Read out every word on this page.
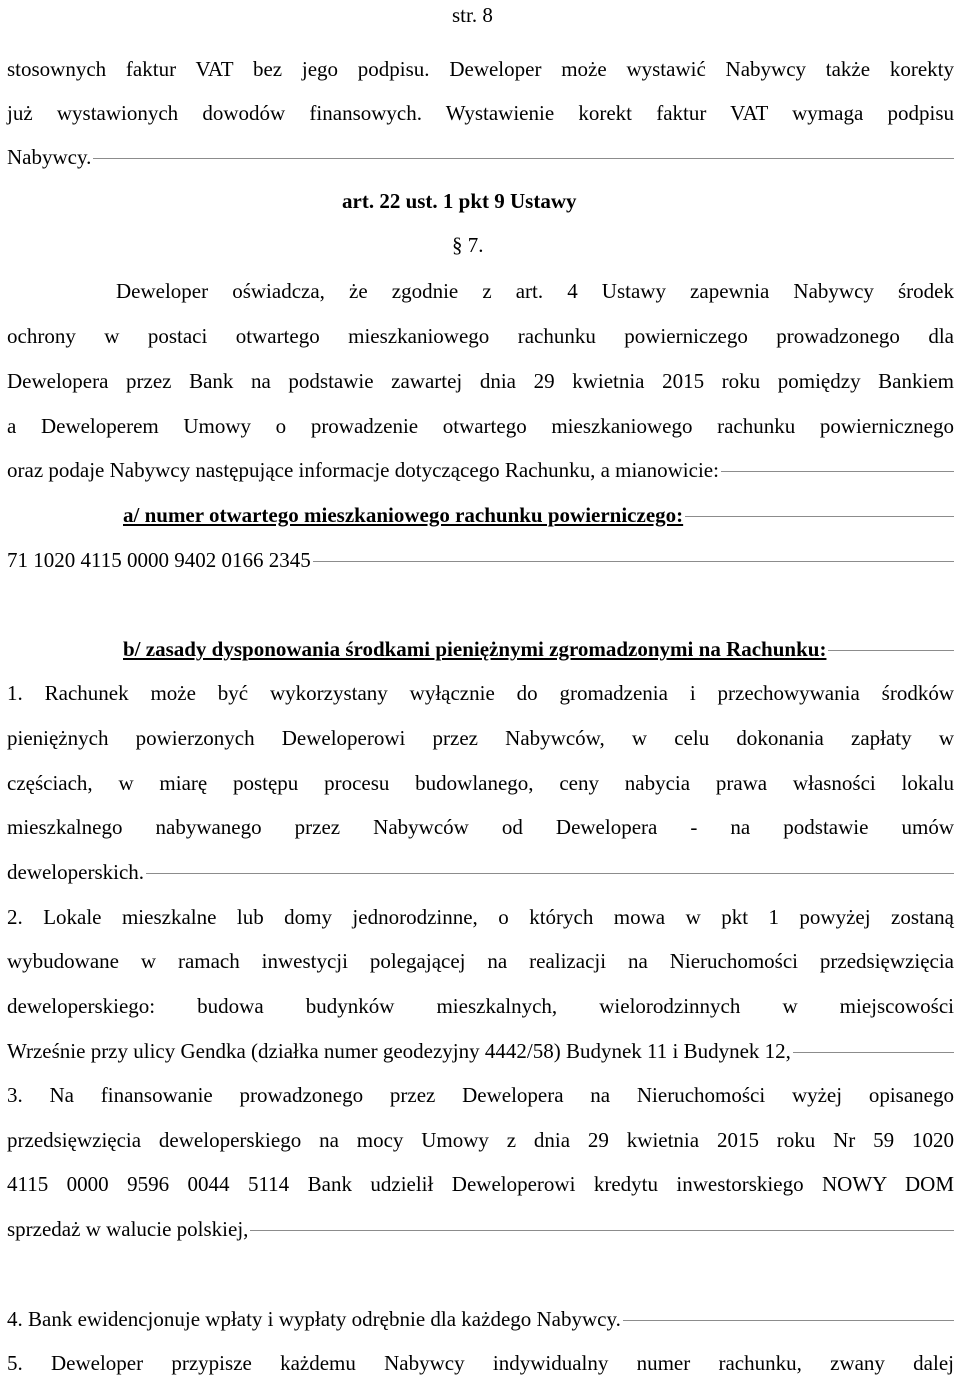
str. 8
stosownych faktur VAT bez jego podpisu. Deweloper może wystawić Nabywcy także korekty
już wystawionych dowodów finansowych. Wystawienie korekt faktur VAT wymaga podpisu
Nabywcy.
art. 22 ust. 1 pkt 9 Ustawy
§ 7.
Deweloper oświadcza, że zgodnie z art. 4 Ustawy zapewnia Nabywcy środek
ochrony w postaci otwartego mieszkaniowego rachunku powierniczego prowadzonego dla
Dewelopera przez Bank na podstawie zawartej dnia 29 kwietnia 2015 roku pomiędzy Bankiem
a Deweloperem Umowy o prowadzenie otwartego mieszkaniowego rachunku powiernicznego
oraz podaje Nabywcy następujące informacje dotyczącego Rachunku, a mianowicie:
a/ numer otwartego mieszkaniowego rachunku powierniczego:
71 1020 4115 0000 9402 0166 2345
b/ zasady dysponowania środkami pieniężnymi zgromadzonymi na Rachunku:
1. Rachunek może być wykorzystany wyłącznie do gromadzenia i przechowywania środków
pieniężnych powierzonych Deweloperowi przez Nabywców, w celu dokonania zapłaty w
częściach, w miarę postępu procesu budowlanego, ceny nabycia prawa własności lokalu
mieszkalnego nabywanego przez Nabywców od Dewelopera - na podstawie umów
deweloperskich.
2. Lokale mieszkalne lub domy jednorodzinne, o których mowa w pkt 1 powyżej zostaną
wybudowane w ramach inwestycji polegającej na realizacji na Nieruchomości przedsięwzięcia
deweloperskiego: budowa budynków mieszkalnych, wielorodzinnych w miejscowości
Wrześnie przy ulicy Gendka (działka numer geodezyjny 4442/58) Budynek 11 i Budynek 12,
3. Na finansowanie prowadzonego przez Dewelopera na Nieruchomości wyżej opisanego
przedsięwzięcia deweloperskiego na mocy Umowy z dnia 29 kwietnia 2015 roku Nr 59 1020
4115 0000 9596 0044 5114 Bank udzielił Deweloperowi kredytu inwestorskiego NOWY DOM
sprzedaż w walucie polskiej,
4. Bank ewidencjonuje wpłaty i wypłaty odrębnie dla każdego Nabywcy.
5. Deweloper przypisze każdemu Nabywcy indywidualny numer rachunku, zwany dalej
